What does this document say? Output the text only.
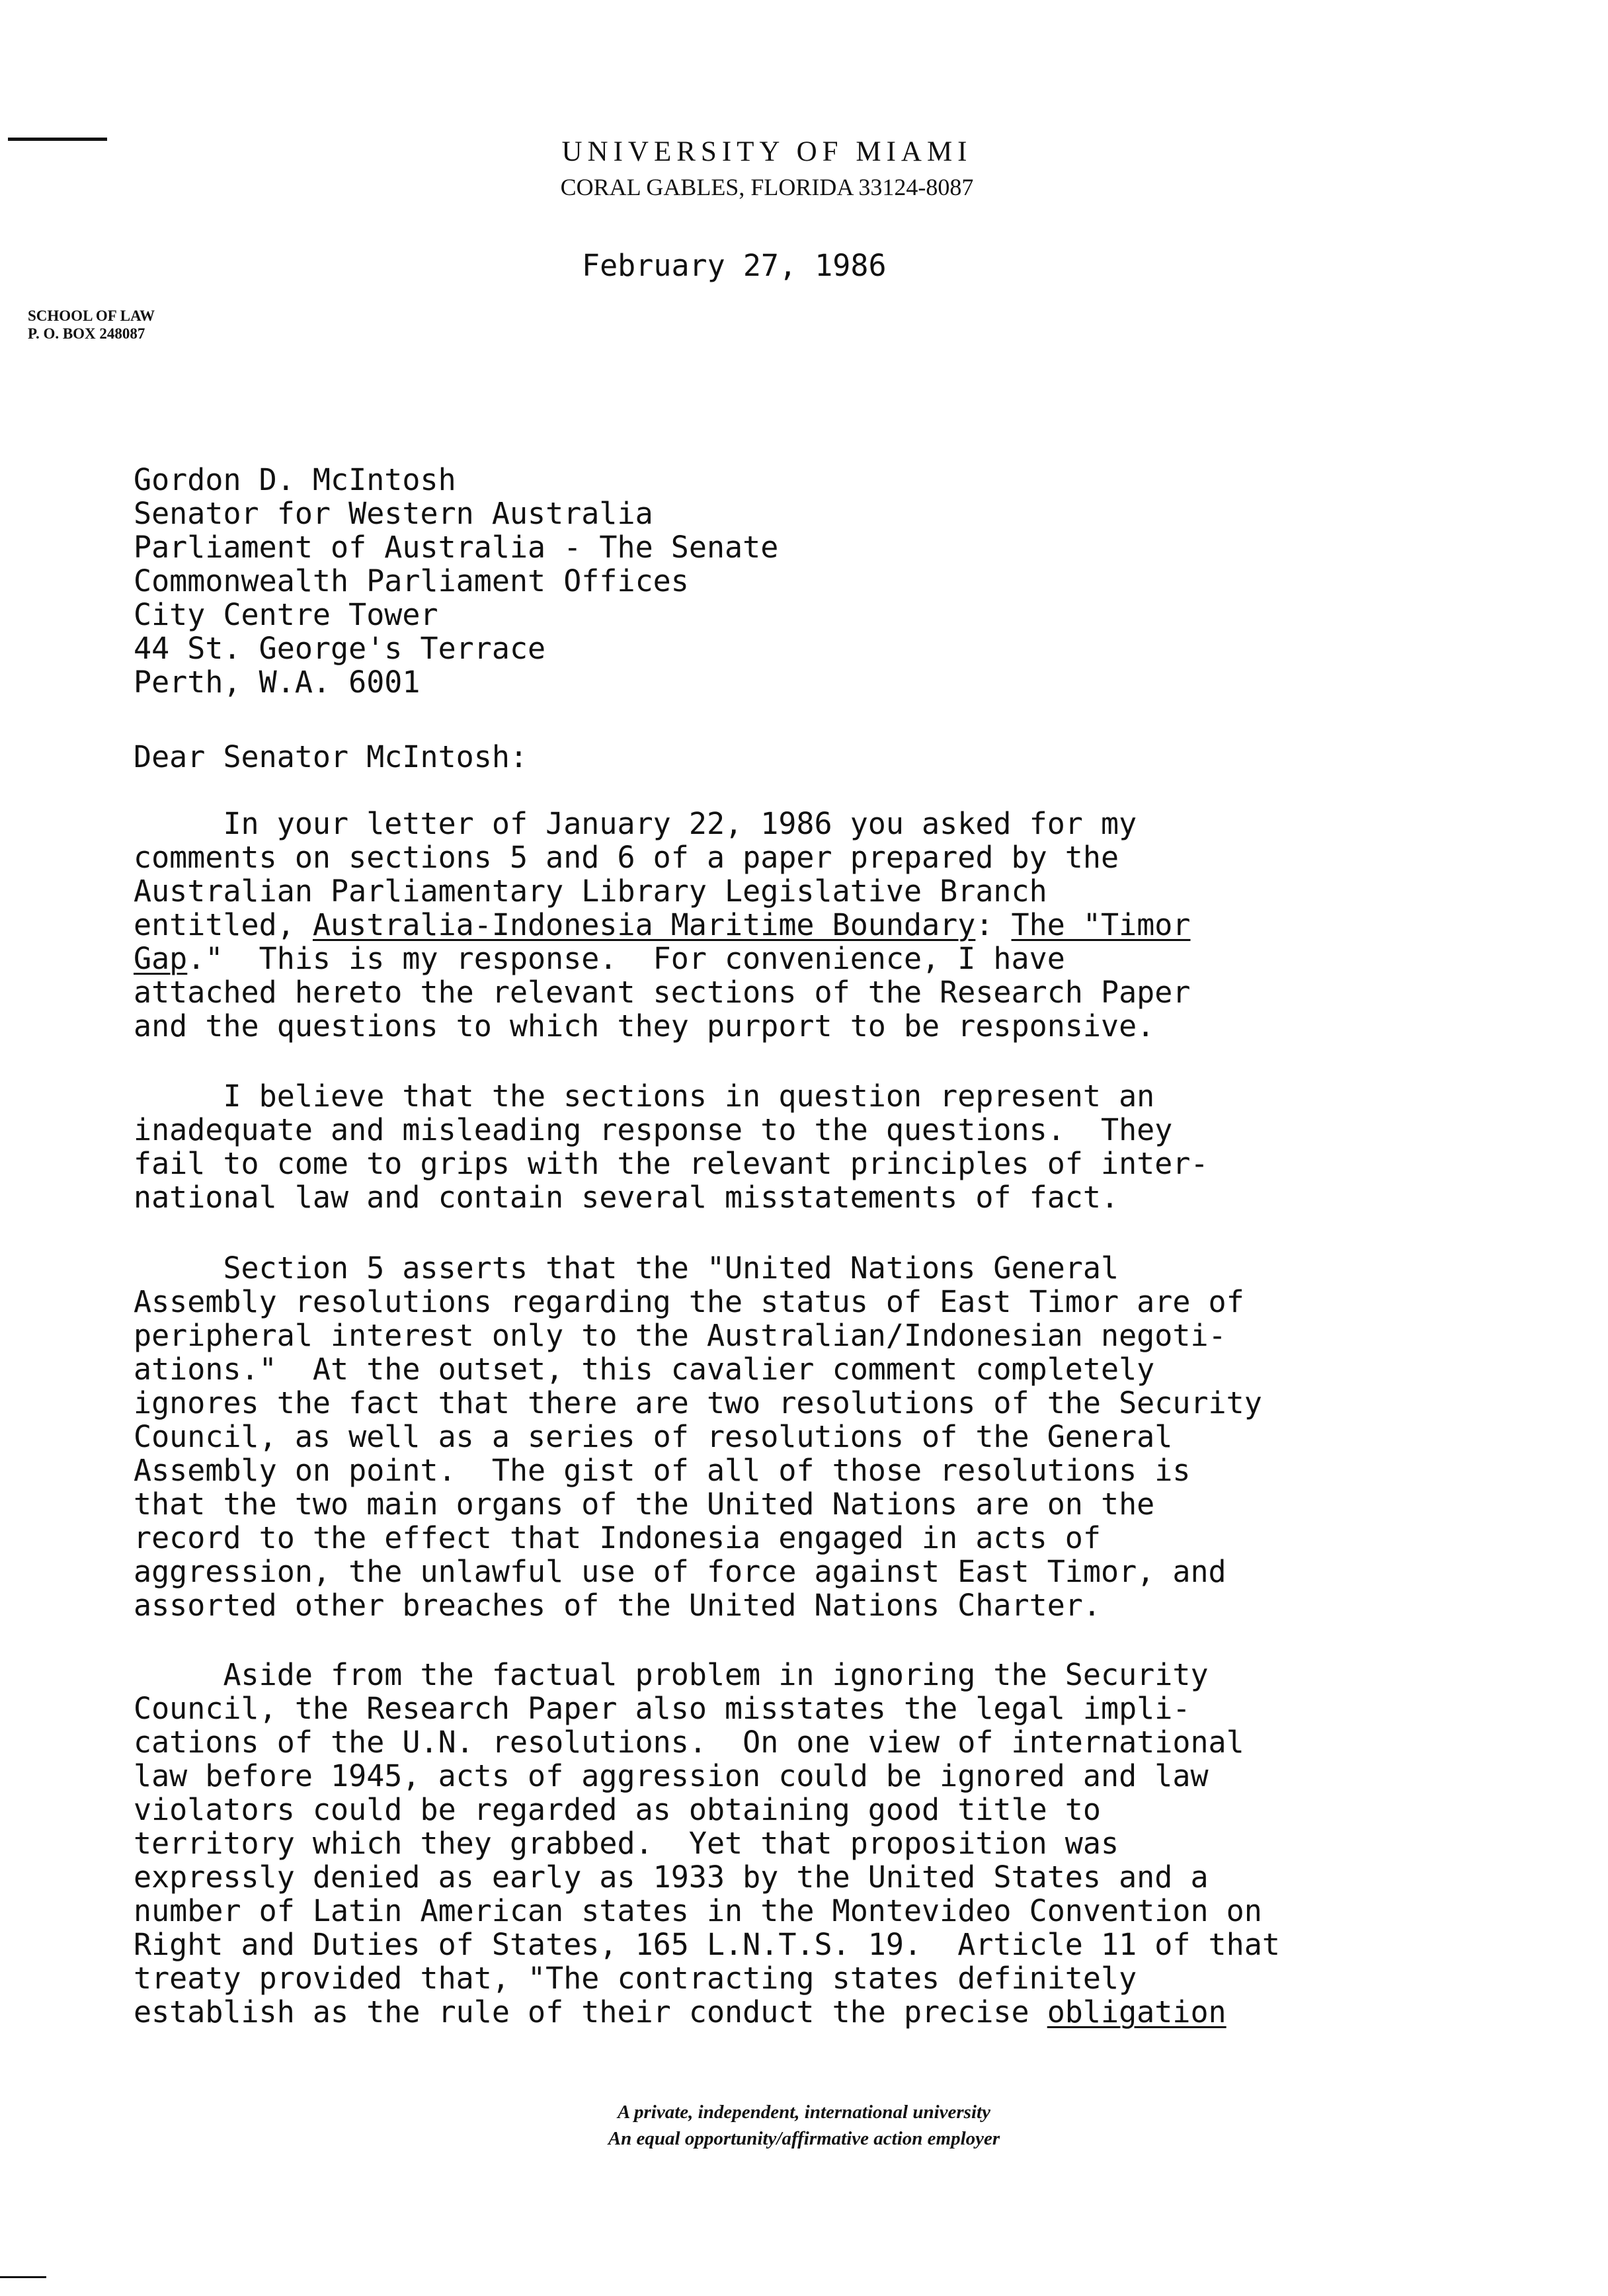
UNIVERSITY OF MIAMI
CORAL GABLES, FLORIDA 33124-8087
February 27, 1986
SCHOOL OF LAW
P. O. BOX 248087
Gordon D. McIntosh
Senator for Western Australia
Parliament of Australia - The Senate
Commonwealth Parliament Offices
City Centre Tower
44 St. George's Terrace
Perth, W.A. 6001
Dear Senator McIntosh:
In your letter of January 22, 1986 you asked for my
comments on sections 5 and 6 of a paper prepared by the
Australian Parliamentary Library Legislative Branch
entitled, Australia-Indonesia Maritime Boundary: The "Timor
Gap."  This is my response.  For convenience, I have
attached hereto the relevant sections of the Research Paper
and the questions to which they purport to be responsive.
I believe that the sections in question represent an
inadequate and misleading response to the questions.  They
fail to come to grips with the relevant principles of inter-
national law and contain several misstatements of fact.
Section 5 asserts that the "United Nations General
Assembly resolutions regarding the status of East Timor are of
peripheral interest only to the Australian/Indonesian negoti-
ations."  At the outset, this cavalier comment completely
ignores the fact that there are two resolutions of the Security
Council, as well as a series of resolutions of the General
Assembly on point.  The gist of all of those resolutions is
that the two main organs of the United Nations are on the
record to the effect that Indonesia engaged in acts of
aggression, the unlawful use of force against East Timor, and
assorted other breaches of the United Nations Charter.
Aside from the factual problem in ignoring the Security
Council, the Research Paper also misstates the legal impli-
cations of the U.N. resolutions.  On one view of international
law before 1945, acts of aggression could be ignored and law
violators could be regarded as obtaining good title to
territory which they grabbed.  Yet that proposition was
expressly denied as early as 1933 by the United States and a
number of Latin American states in the Montevideo Convention on
Right and Duties of States, 165 L.N.T.S. 19.  Article 11 of that
treaty provided that, "The contracting states definitely
establish as the rule of their conduct the precise obligation
A private, independent, international university
An equal opportunity/affirmative action employer
